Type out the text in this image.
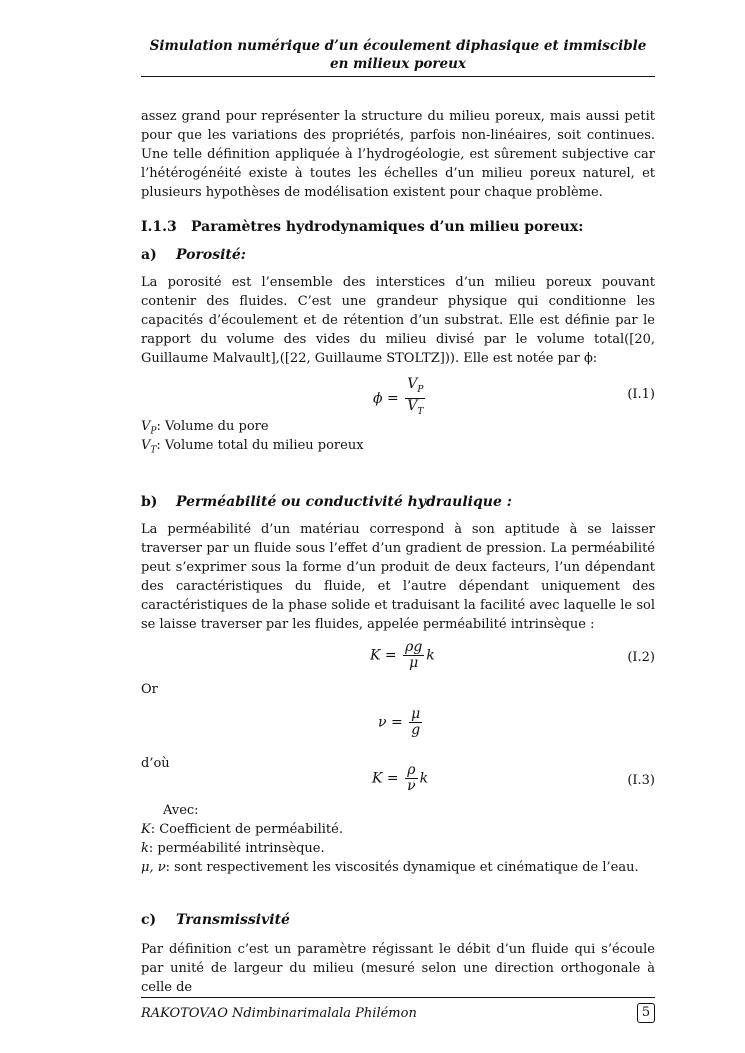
Simulation numérique d’un écoulement diphasique et immiscible en milieux poreux
assez grand pour représenter la structure du milieu poreux, mais aussi petit pour que les variations des propriétés, parfois non-linéaires, soit continues. Une telle définition appliquée à l’hydrogéologie, est sûrement subjective car l’hétérogénéité existe à toutes les échelles d’un milieu poreux naturel, et plusieurs hypothèses de modélisation existent pour chaque problème.
I.1.3 Paramètres hydrodynamiques d’un milieu poreux:
a) Porosité:
La porosité est l’ensemble des interstices d’un milieu poreux pouvant contenir des fluides. C’est une grandeur physique qui conditionne les capacités d’écoulement et de rétention d’un substrat. Elle est définie par le rapport du volume des vides du milieu divisé par le volume total([20, Guillaume Malvault],([22, Guillaume STOLTZ])). Elle est notée par ϕ:
$\phi = \frac{V_P}{V_T}$	(I.1)
$V_P$: Volume du pore
$V_T$: Volume total du milieu poreux
b) Perméabilité ou conductivité hydraulique :
La perméabilité d’un matériau correspond à son aptitude à se laisser traverser par un fluide sous l’effet d’un gradient de pression. La perméabilité peut s’exprimer sous la forme d’un produit de deux facteurs, l’un dépendant des caractéristiques du fluide, et l’autre dépendant uniquement des caractéristiques de la phase solide et traduisant la facilité avec laquelle le sol se laisse traverser par les fluides, appelée perméabilité intrinsèque :
$K = \frac{\rho g}{\mu}$ k	(I.2)
Or
$\nu = \frac{\mu}{g}$
d’où
$K = \frac{\rho}{\nu}$ k	(I.3)
Avec:
K: Coefficient de perméabilité.
k: perméabilité intrinsèque.
μ, ν: sont respectivement les viscosités dynamique et cinématique de l’eau.
c) Transmissivité
Par définition c’est un paramètre régissant le débit d’un fluide qui s’écoule par unité de largeur du milieu (mesuré selon une direction orthogonale à celle de
RAKOTOVAO Ndimbinarimalala Philémon	5
